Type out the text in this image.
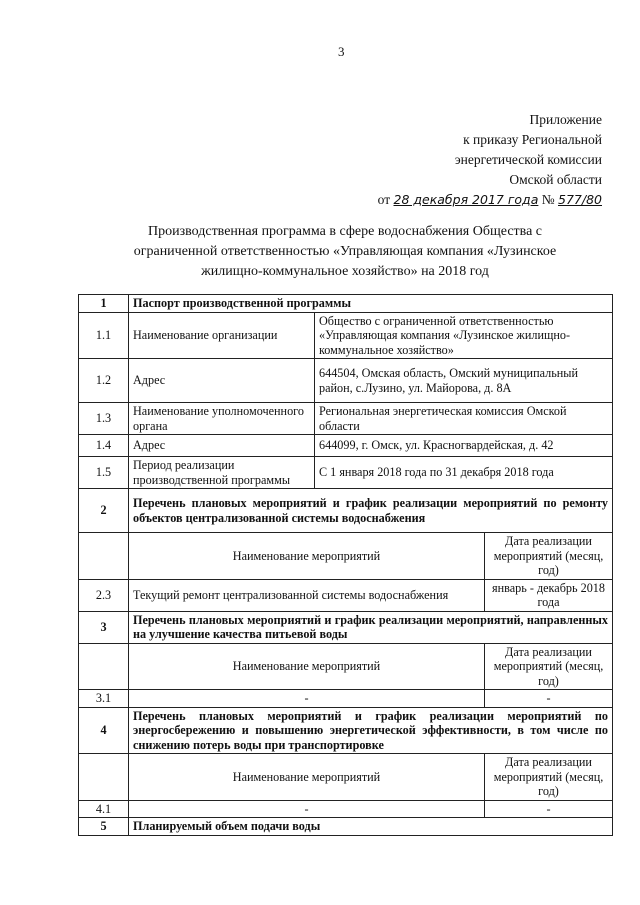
3
Приложение
к приказу Региональной
энергетической комиссии
Омской области
от 28 декабря 2017 года № 577/80
Производственная программа в сфере водоснабжения Общества с ограниченной ответственностью «Управляющая компания «Лузинское жилищно-коммунальное хозяйство» на 2018 год
1	Паспорт производственной программы		
1.1	Наименование организации	Общество с ограниченной ответственностью «Управляющая компания «Лузинское жилищно-коммунальное хозяйство»	
1.2	Адрес	644504, Омская область, Омский муниципальный район, с.Лузино, ул. Майорова, д. 8А	
1.3	Наименование уполномоченного органа	Региональная энергетическая комиссия Омской области	
1.4	Адрес	644099, г. Омск, ул. Красногвардейская, д. 42	
1.5	Период реализации производственной программы	С 1 января 2018 года по 31 декабря 2018 года	
2	Перечень плановых мероприятий и график реализации мероприятий по ремонту объектов централизованной системы водоснабжения		
	Наименование мероприятий		Дата реализации мероприятий (месяц, год)
2.3	Текущий ремонт централизованной системы водоснабжения		январь - декабрь 2018 года
3	Перечень плановых мероприятий и график реализации мероприятий, направленных на улучшение качества питьевой воды		
	Наименование мероприятий		Дата реализации мероприятий (месяц, год)
3.1	-		-
4	Перечень плановых мероприятий и график реализации мероприятий по энергосбережению и повышению энергетической эффективности, в том числе по снижению потерь воды при транспортировке		
	Наименование мероприятий		Дата реализации мероприятий (месяц, год)
4.1	-		-
5	Планируемый объем подачи воды		
